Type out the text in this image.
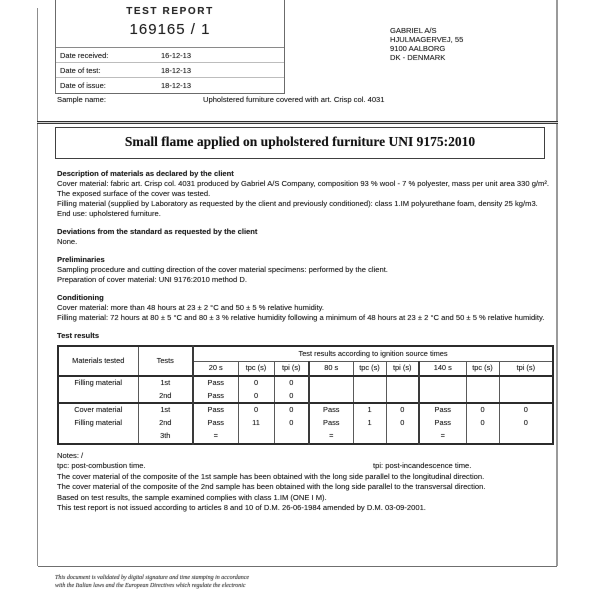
TEST REPORT
169165 / 1
Date received:	16-12-13
Date of test:	18-12-13
Date of issue:	18-12-13
GABRIEL A/S
HJULMAGERVEJ, 55
9100 AALBORG
DK - DENMARK
Sample name:	Upholstered furniture covered with art. Crisp col. 4031
Small flame applied on upholstered furniture UNI 9175:2010
Description of materials as declared by the client

Cover material: fabric art. Crisp col. 4031 produced by Gabriel A/S Company, composition 93 % wool - 7 % polyester, mass per unit area 330 g/m². The exposed surface of the cover was tested.

Filling material (supplied by Laboratory as requested by the client and previously conditioned): class 1.IM polyurethane foam, density 25 kg/m3.

End use: upholstered furniture.

Deviations from the standard as requested by the client

None.

Preliminaries

Sampling procedure and cutting direction of the cover material specimens: performed by the client.

Preparation of cover material: UNI 9176:2010 method D.

Conditioning

Cover material: more than 48 hours at 23 ± 2 °C and 50 ± 5 % relative humidity.

Filling material: 72 hours at 80 ± 5 °C and 80 ± 3 % relative humidity following a minimum of 48 hours at 23 ± 2 °C and 50 ± 5 % relative humidity.

Test results
Materials tested	Tests	Test results according to ignition source times								
		20 s	tpc (s)	tpi (s)	80 s	tpc (s)	tpi (s)	140 s	tpc (s)	tpi (s)
Filling material	1st	Pass	0	0						
	2nd	Pass	0	0						
Cover material	1st	Pass	0	0	Pass	1	0	Pass	0	0
Filling material	2nd	Pass	11	0	Pass	1	0	Pass	0	0
	3th	=			=			=		

Notes: /

tpc: post-combustion time.	tpi: post-incandescence time.

The cover material of the composite of the 1st sample has been obtained with the long side parallel to the longitudinal direction.

The cover material of the composite of the 2nd sample has been obtained with the long side parallel to the transversal direction.

Based on test results, the sample examined complies with class 1.IM (ONE I M).

This test report is not issued according to articles 8 and 10 of D.M. 26-06-1984 amended by D.M. 03-09-2001.

This document is validated by digital signature and time stamping in accordance
with the Italian laws and the European Directives which regulate the electronic
